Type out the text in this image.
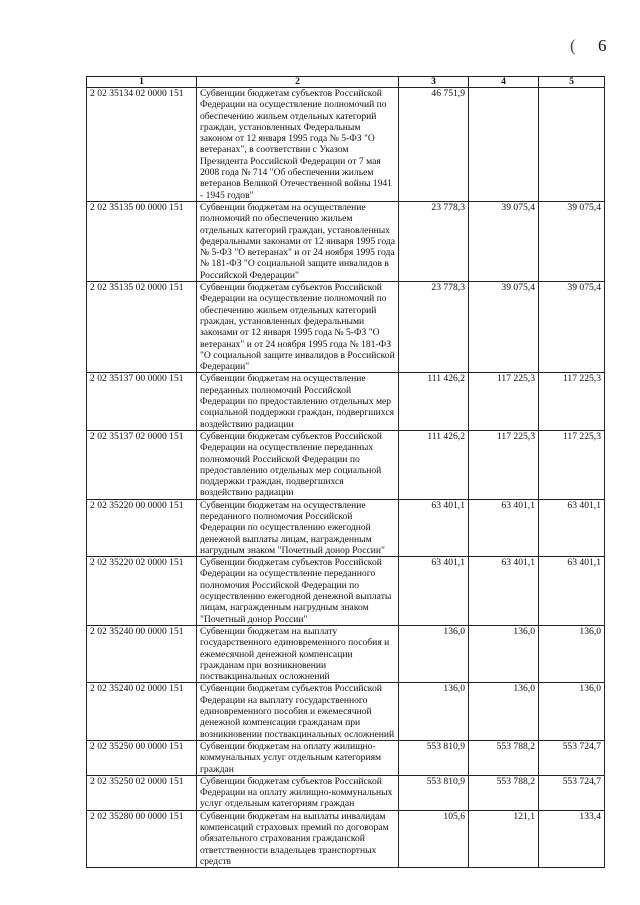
( 6
1	2	3	4	5
2 02 35134 02 0000 151	Субвенции бюджетам субъектов Российской Федерации на осуществление полномочий по обеспечению жильем отдельных категорий граждан, установленных Федеральным законом от 12 января 1995 года № 5-ФЗ "О ветеранах", в соответствии с Указом Президента Российской Федерации от 7 мая 2008 года № 714 "Об обеспечении жильем ветеранов Великой Отечественной войны 1941 - 1945 годов"	46 751,9		
2 02 35135 00 0000 151	Субвенции бюджетам на осуществление полномочий по обеспечению жильем отдельных категорий граждан, установленных федеральными законами от 12 января 1995 года № 5-ФЗ "О ветеранах" и от 24 ноября 1995 года № 181-ФЗ "О социальной защите инвалидов в Российской Федерации"	23 778,3	39 075,4	39 075,4
2 02 35135 02 0000 151	Субвенции бюджетам субъектов Российской Федерации на осуществление полномочий по обеспечению жильем отдельных категорий граждан, установленных федеральными законами от 12 января 1995 года № 5-ФЗ "О ветеранах" и от 24 ноября 1995 года № 181-ФЗ "О социальной защите инвалидов в Российской Федерации"	23 778,3	39 075,4	39 075,4
2 02 35137 00 0000 151	Субвенции бюджетам на осуществление переданных полномочий Российской Федерации по предоставлению отдельных мер социальной поддержки граждан, подвергшихся воздействию радиации	111 426,2	117 225,3	117 225,3
2 02 35137 02 0000 151	Субвенции бюджетам субъектов Российской Федерации на осуществление переданных полномочий Российской Федерации по предоставлению отдельных мер социальной поддержки граждан, подвергшихся воздействию радиации	111 426,2	117 225,3	117 225,3
2 02 35220 00 0000 151	Субвенции бюджетам на осуществление переданного полномочия Российской Федерации по осуществлению ежегодной денежной выплаты лицам, награжденным нагрудным знаком "Почетный донор России"	63 401,1	63 401,1	63 401,1
2 02 35220 02 0000 151	Субвенции бюджетам субъектов Российской Федерации на осуществление переданного полномочия Российской Федерации по осуществлению ежегодной денежной выплаты лицам, награжденным нагрудным знаком "Почетный донор России"	63 401,1	63 401,1	63 401,1
2 02 35240 00 0000 151	Субвенции бюджетам на выплату государственного единовременного пособия и ежемесячной денежной компенсации гражданам при возникновении поствакцинальных осложнений	136,0	136,0	136,0
2 02 35240 02 0000 151	Субвенции бюджетам субъектов Российской Федерации на выплату государственного единовременного пособия и ежемесячной денежной компенсации гражданам при возникновении поствакцинальных осложнений	136,0	136,0	136,0
2 02 35250 00 0000 151	Субвенции бюджетам на оплату жилищно-коммунальных услуг отдельным категориям граждан	553 810,9	553 788,2	553 724,7
2 02 35250 02 0000 151	Субвенции бюджетам субъектов Российской Федерации на оплату жилищно-коммунальных услуг отдельным категориям граждан	553 810,9	553 788,2	553 724,7
2 02 35280 00 0000 151	Субвенции бюджетам на выплаты инвалидам компенсаций страховых премий по договорам обязательного страхования гражданской ответственности владельцев транспортных средств	105,6	121,1	133,4
